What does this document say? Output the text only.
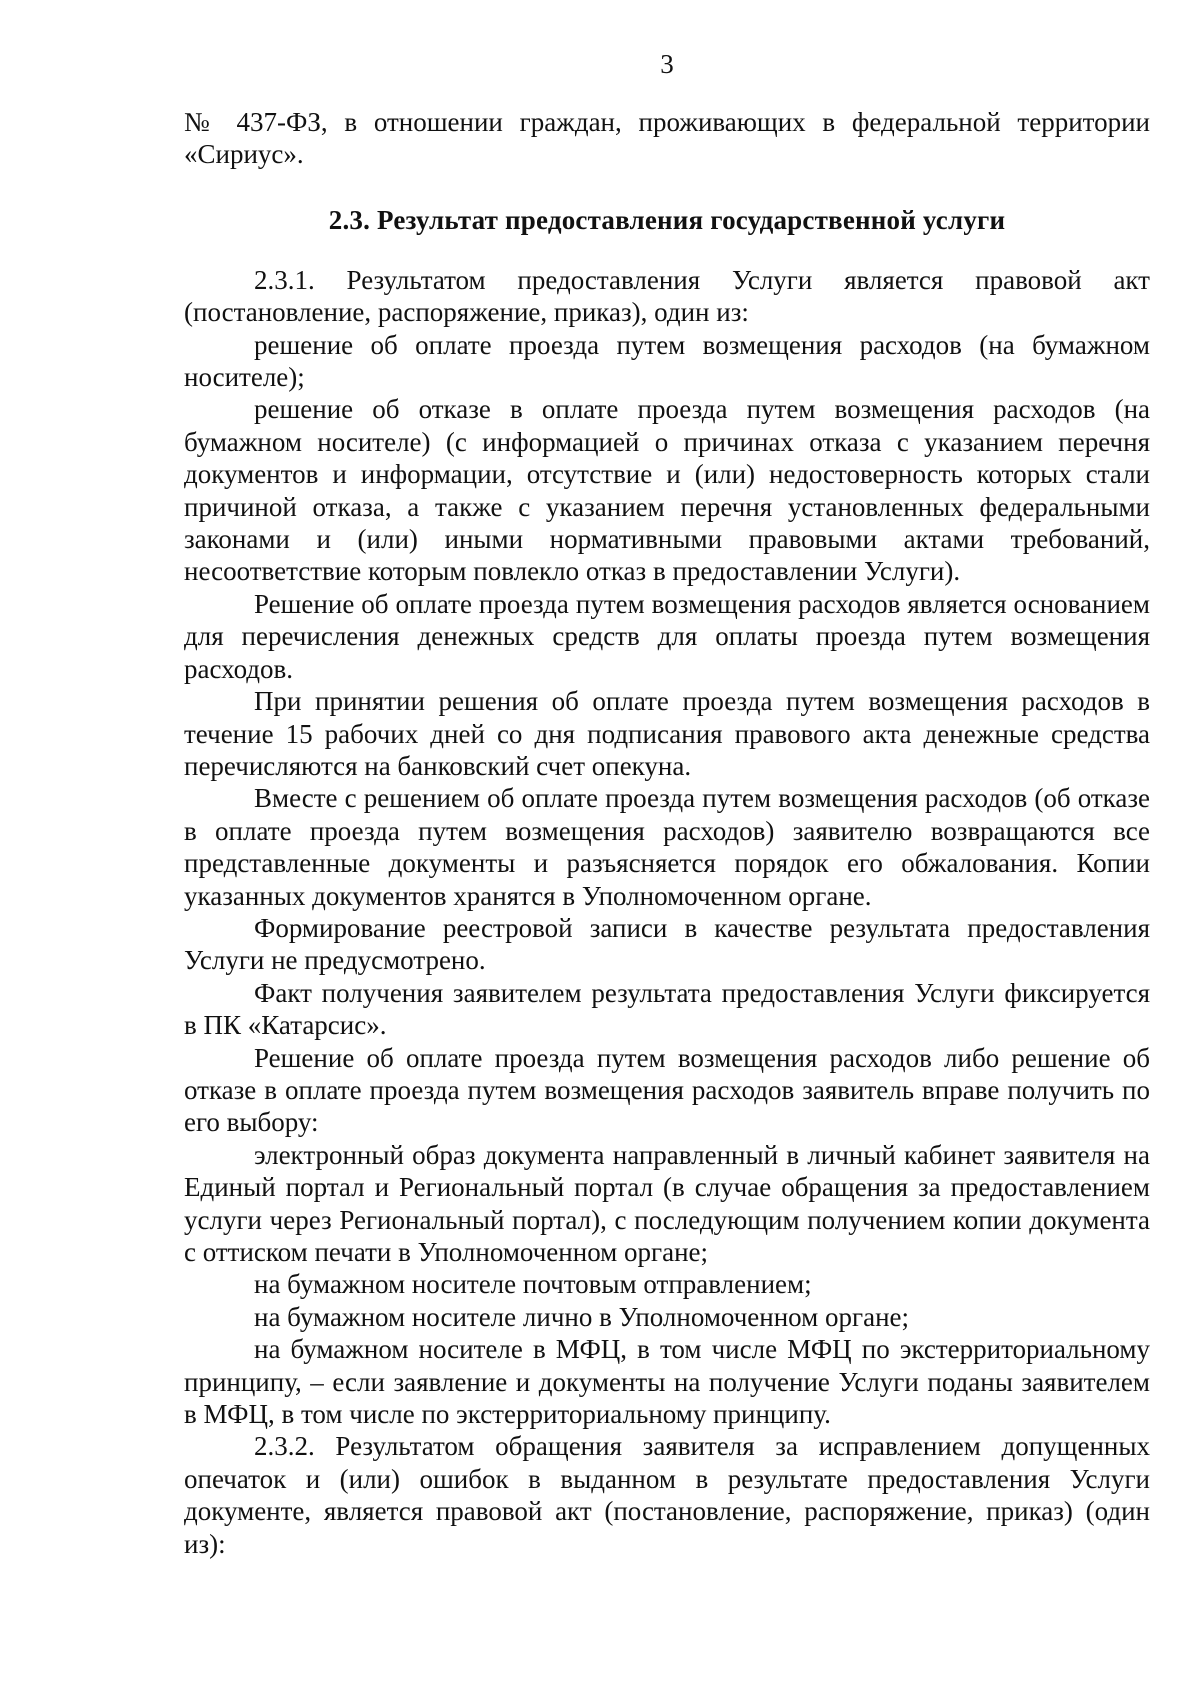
3

№ 437-ФЗ, в отношении граждан, проживающих в федеральной территории «Сириус».

2.3. Результат предоставления государственной услуги

2.3.1. Результатом предоставления Услуги является правовой акт (постановление, распоряжение, приказ), один из:

решение об оплате проезда путем возмещения расходов (на бумажном носителе);

решение об отказе в оплате проезда путем возмещения расходов (на бумажном носителе) (с информацией о причинах отказа с указанием перечня документов и информации, отсутствие и (или) недостоверность которых стали причиной отказа, а также с указанием перечня установленных федеральными законами и (или) иными нормативными правовыми актами требований, несоответствие которым повлекло отказ в предоставлении Услуги).

Решение об оплате проезда путем возмещения расходов является основанием для перечисления денежных средств для оплаты проезда путем возмещения расходов.

При принятии решения об оплате проезда путем возмещения расходов в течение 15 рабочих дней со дня подписания правового акта денежные средства перечисляются на банковский счет опекуна.

Вместе с решением об оплате проезда путем возмещения расходов (об отказе в оплате проезда путем возмещения расходов) заявителю возвращаются все представленные документы и разъясняется порядок его обжалования. Копии указанных документов хранятся в Уполномоченном органе.

Формирование реестровой записи в качестве результата предоставления Услуги не предусмотрено.

Факт получения заявителем результата предоставления Услуги фиксируется в ПК «Катарсис».

Решение об оплате проезда путем возмещения расходов либо решение об отказе в оплате проезда путем возмещения расходов заявитель вправе получить по его выбору:

электронный образ документа направленный в личный кабинет заявителя на Единый портал и Региональный портал (в случае обращения за предоставлением услуги через Региональный портал), с последующим получением копии документа с оттиском печати в Уполномоченном органе;

на бумажном носителе почтовым отправлением;

на бумажном носителе лично в Уполномоченном органе;

на бумажном носителе в МФЦ, в том числе МФЦ по экстерриториальному принципу, – если заявление и документы на получение Услуги поданы заявителем в МФЦ, в том числе по экстерриториальному принципу.

2.3.2. Результатом обращения заявителя за исправлением допущенных опечаток и (или) ошибок в выданном в результате предоставления Услуги документе, является правовой акт (постановление, распоряжение, приказ) (один из):
